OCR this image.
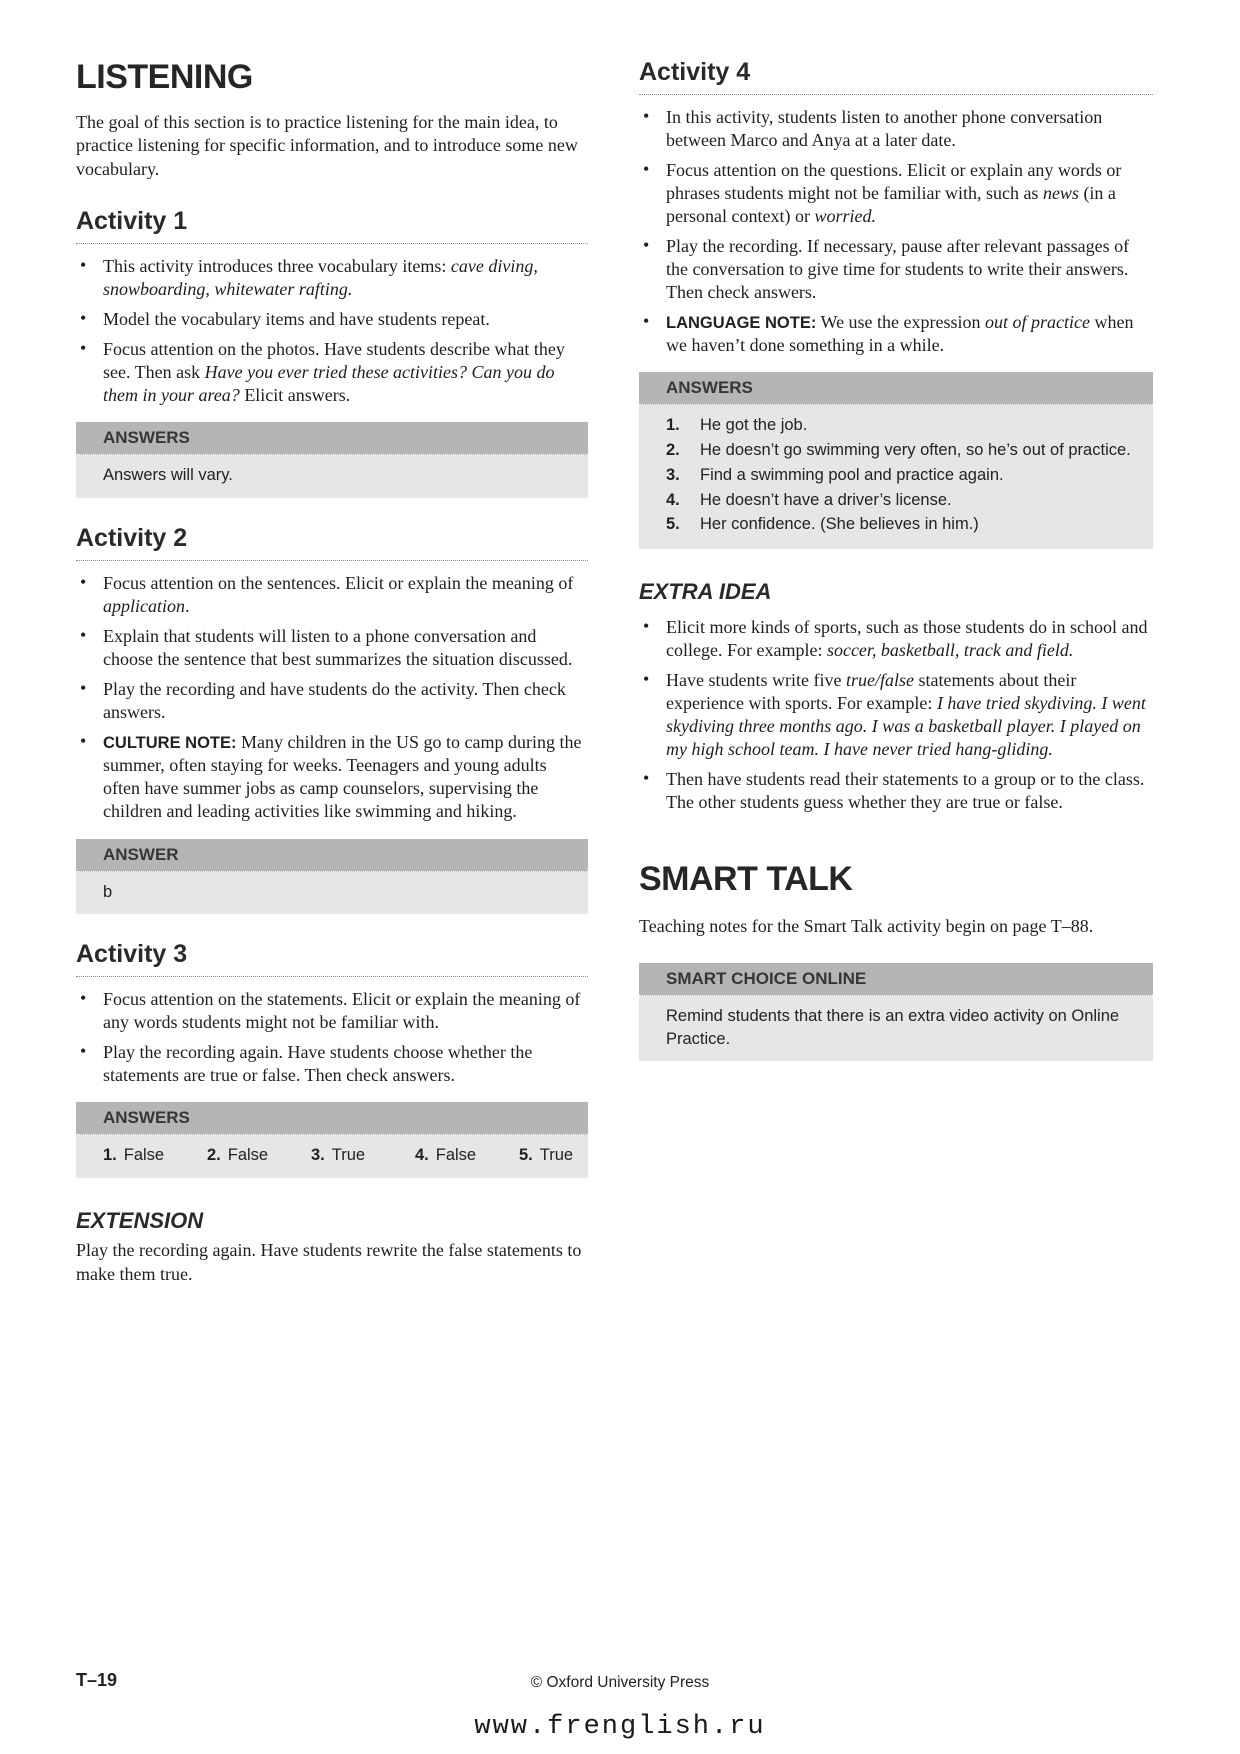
LISTENING

The goal of this section is to practice listening for the main idea, to practice listening for specific information, and to introduce some new vocabulary.

Activity 1
• This activity introduces three vocabulary items: cave diving, snowboarding, whitewater rafting.
• Model the vocabulary items and have students repeat.
• Focus attention on the photos. Have students describe what they see. Then ask Have you ever tried these activities? Can you do them in your area? Elicit answers.
ANSWERS
Answers will vary.
Activity 2
• Focus attention on the sentences. Elicit or explain the meaning of application.
• Explain that students will listen to a phone conversation and choose the sentence that best summarizes the situation discussed.
• Play the recording and have students do the activity. Then check answers.
• CULTURE NOTE: Many children in the US go to camp during the summer, often staying for weeks. Teenagers and young adults often have summer jobs as camp counselors, supervising the children and leading activities like swimming and hiking.
ANSWER
b
Activity 3
• Focus attention on the statements. Elicit or explain the meaning of any words students might not be familiar with.
• Play the recording again. Have students choose whether the statements are true or false. Then check answers.
ANSWERS
1. False	2. False	3. True	4. False	5. True
EXTENSION

Play the recording again. Have students rewrite the false statements to make them true.

Activity 4
• In this activity, students listen to another phone conversation between Marco and Anya at a later date.
• Focus attention on the questions. Elicit or explain any words or phrases students might not be familiar with, such as news (in a personal context) or worried.
• Play the recording. If necessary, pause after relevant passages of the conversation to give time for students to write their answers. Then check answers.
• LANGUAGE NOTE: We use the expression out of practice when we haven’t done something in a while.
ANSWERS
1.	He got the job.
2.	He doesn’t go swimming very often, so he’s out of practice.
3.	Find a swimming pool and practice again.
4.	He doesn’t have a driver’s license.
5.	Her confidence. (She believes in him.)
EXTRA IDEA
• Elicit more kinds of sports, such as those students do in school and college. For example: soccer, basketball, track and field.
• Have students write five true/false statements about their experience with sports. For example: I have tried skydiving. I went skydiving three months ago. I was a basketball player. I played on my high school team. I have never tried hang-gliding.
• Then have students read their statements to a group or to the class. The other students guess whether they are true or false.
SMART TALK

Teaching notes for the Smart Talk activity begin on page T–88.

SMART CHOICE ONLINE
Remind students that there is an extra video activity on Online Practice.
T–19	© Oxford University Press
www.frenglish.ru
